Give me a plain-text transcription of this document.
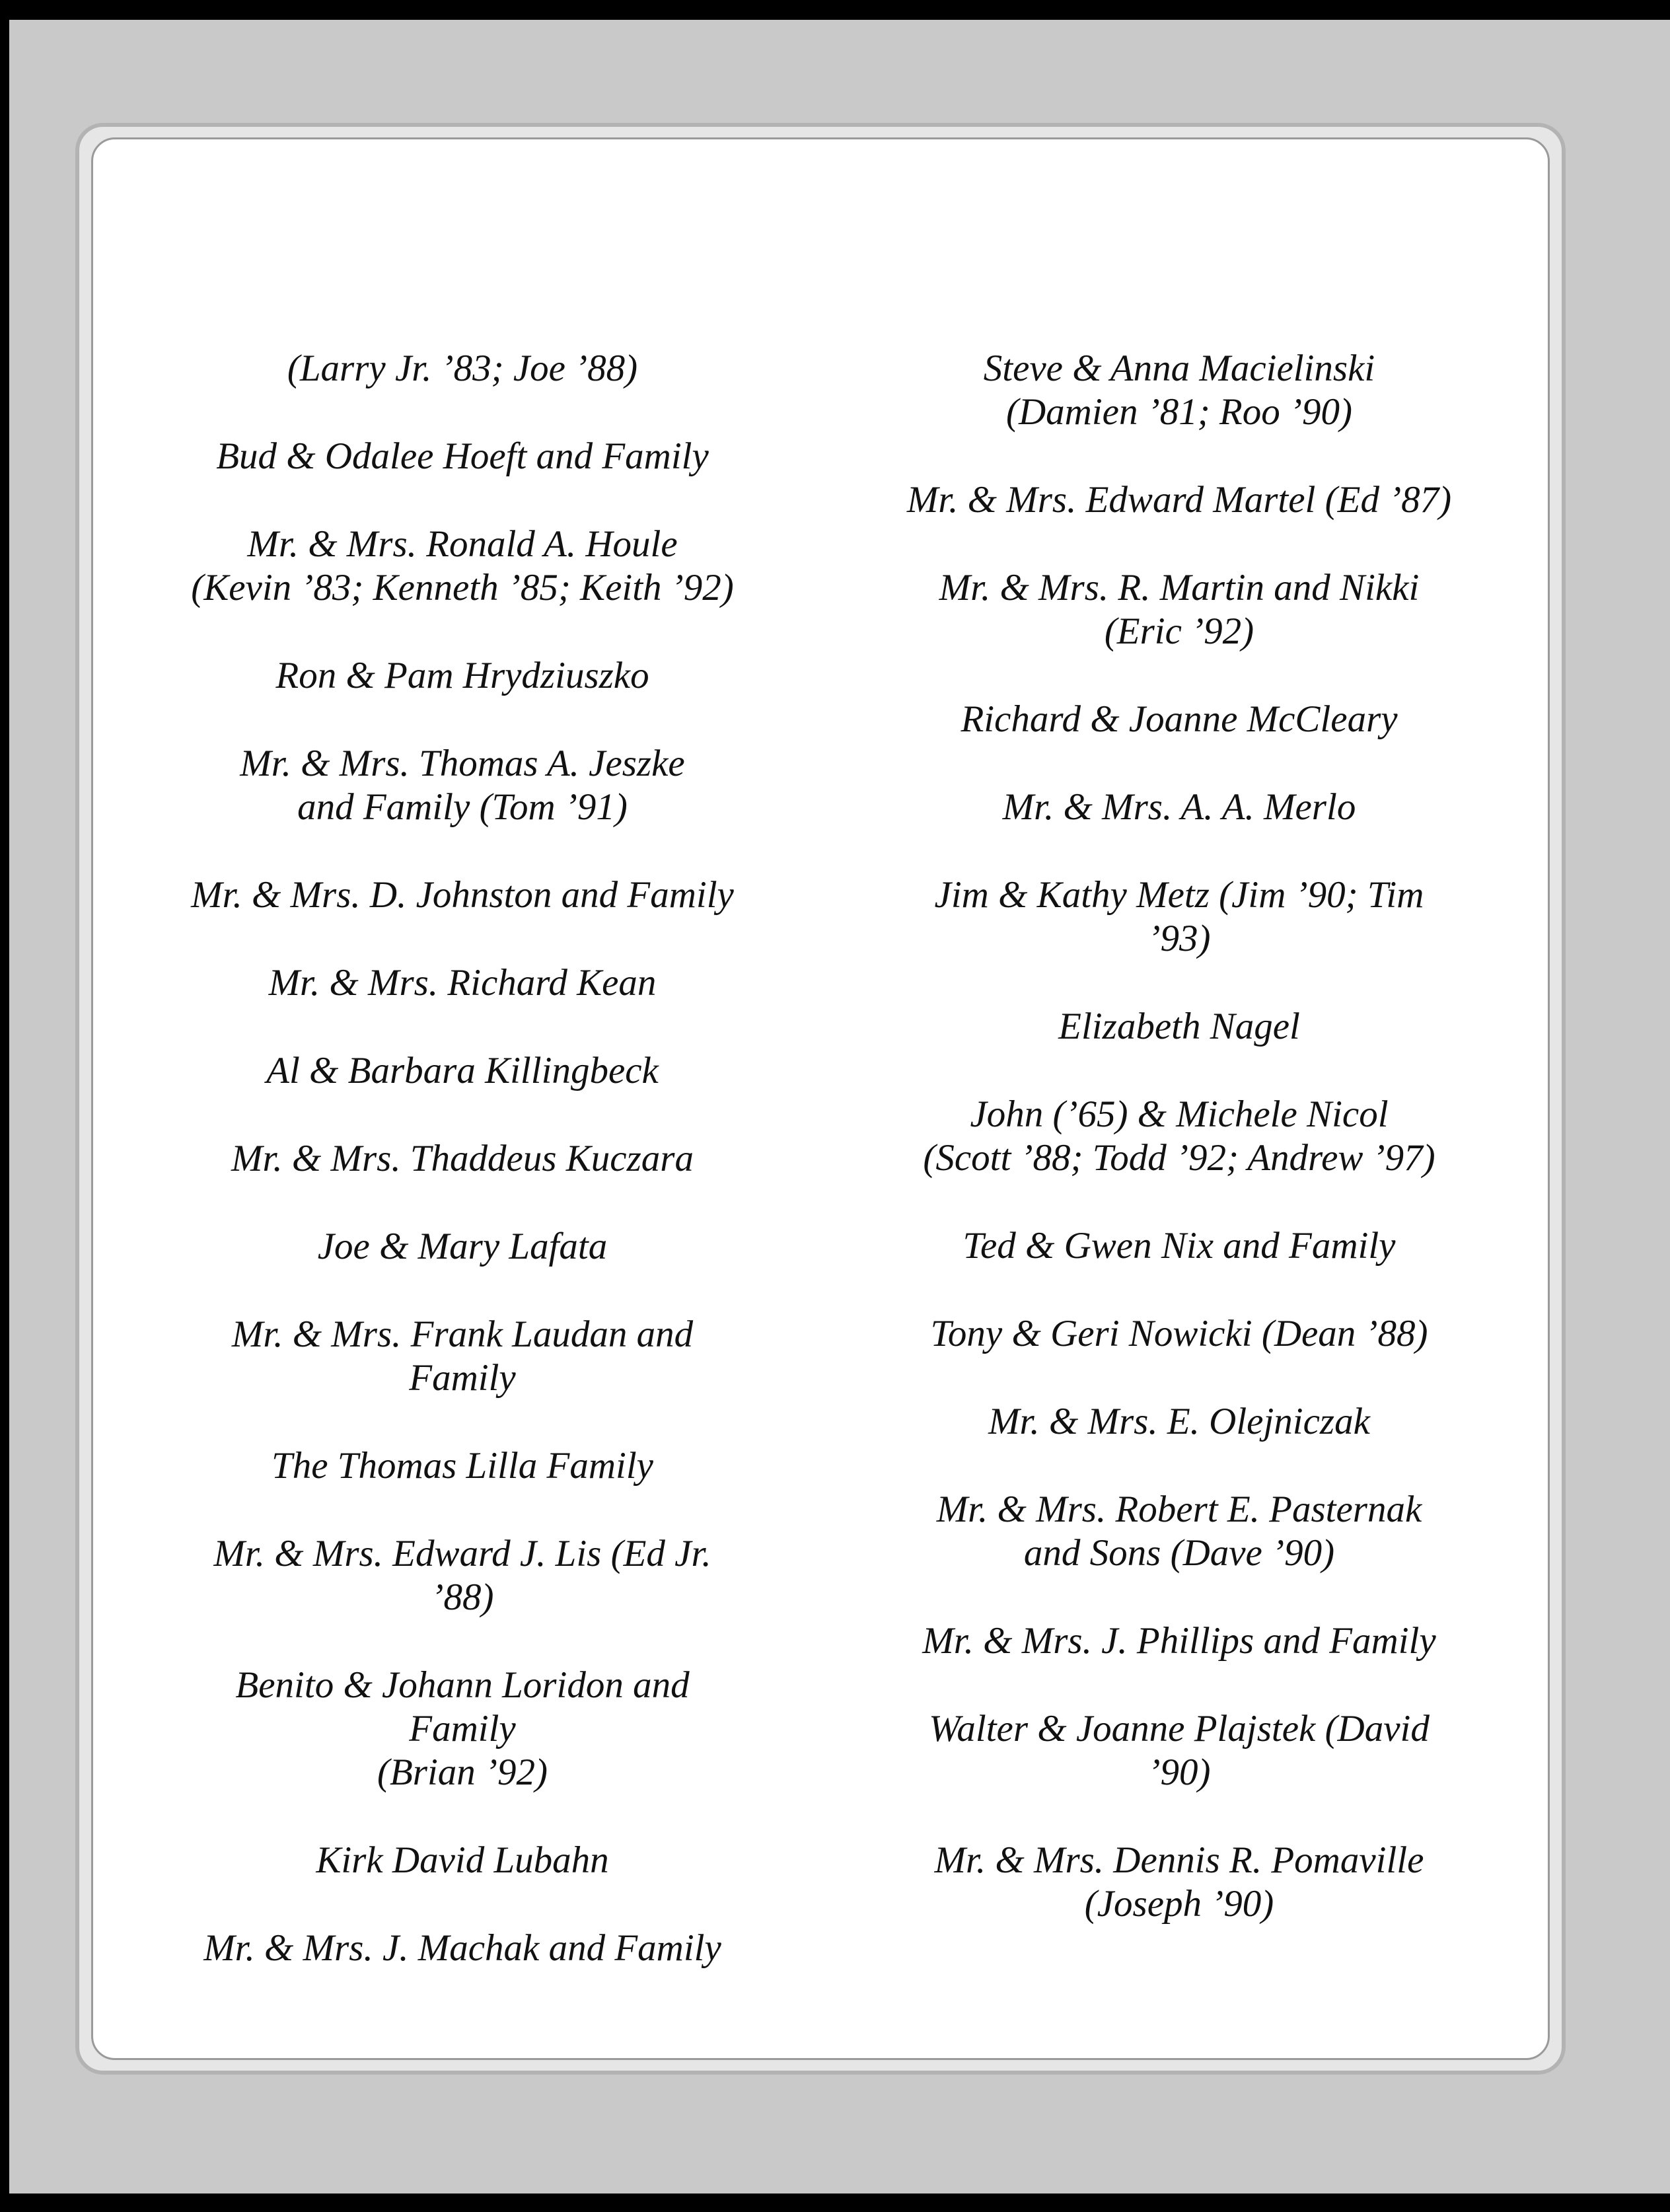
(Larry Jr. ’83; Joe ’88)
Bud & Odalee Hoeft and Family
Mr. & Mrs. Ronald A. Houle
(Kevin ’83; Kenneth ’85; Keith ’92)
Ron & Pam Hrydziuszko
Mr. & Mrs. Thomas A. Jeszke
and Family (Tom ’91)
Mr. & Mrs. D. Johnston and Family
Mr. & Mrs. Richard Kean
Al & Barbara Killingbeck
Mr. & Mrs. Thaddeus Kuczara
Joe & Mary Lafata
Mr. & Mrs. Frank Laudan and
Family
The Thomas Lilla Family
Mr. & Mrs. Edward J. Lis (Ed Jr.
’88)
Benito & Johann Loridon and
Family
(Brian ’92)
Kirk David Lubahn
Mr. & Mrs. J. Machak and Family
Steve & Anna Macielinski
(Damien ’81; Roo ’90)
Mr. & Mrs. Edward Martel (Ed ’87)
Mr. & Mrs. R. Martin and Nikki
(Eric ’92)
Richard & Joanne McCleary
Mr. & Mrs. A. A. Merlo
Jim & Kathy Metz (Jim ’90; Tim
’93)
Elizabeth Nagel
John (’65) & Michele Nicol
(Scott ’88; Todd ’92; Andrew ’97)
Ted & Gwen Nix and Family
Tony & Geri Nowicki (Dean ’88)
Mr. & Mrs. E. Olejniczak
Mr. & Mrs. Robert E. Pasternak
and Sons (Dave ’90)
Mr. & Mrs. J. Phillips and Family
Walter & Joanne Plajstek (David
’90)
Mr. & Mrs. Dennis R. Pomaville
(Joseph ’90)
